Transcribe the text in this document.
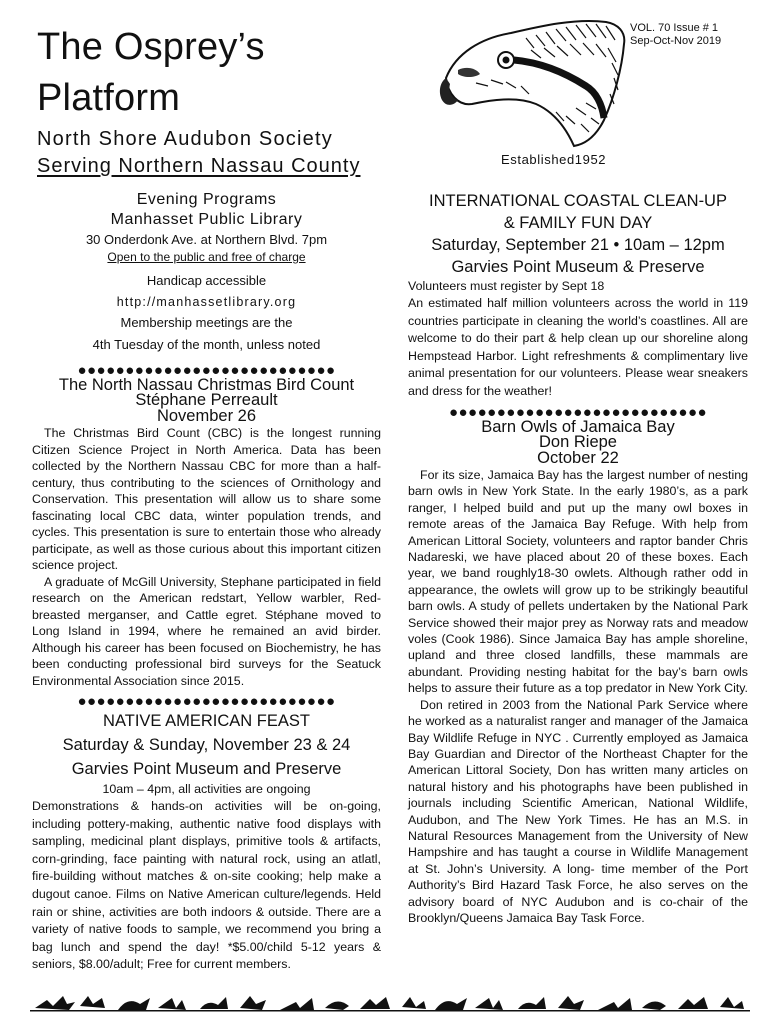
The Osprey’s
Platform
North Shore Audubon Society
Serving Northern Nassau County
VOL. 70 Issue # 1
Sep-Oct-Nov 2019
Established1952
Evening Programs
Manhasset Public Library
30 Onderdonk Ave. at Northern Blvd. 7pm
Open to the public and free of charge
Handicap accessible
http://manhassetlibrary.org
Membership meetings are the
4th Tuesday of the month, unless noted
●●●●●●●●●●●●●●●●●●●●●●●●●●●
The North Nassau Christmas Bird Count
Stéphane Perreault
November 26

The Christmas Bird Count (CBC) is the longest running Citizen Science Project in North America. Data has been collected by the Northern Nassau CBC for more than a half-century, thus contributing to the sciences of Ornithology and Conservation. This presentation will allow us to share some fascinating local CBC data, winter population trends, and cycles. This presentation is sure to entertain those who already participate, as well as those curious about this important citizen science project.

A graduate of McGill University, Stephane participated in field research on the American redstart, Yellow warbler, Red-breasted merganser, and Cattle egret. Stéphane moved to Long Island in 1994, where he remained an avid birder. Although his career has been focused on Biochemistry, he has been conducting professional bird surveys for the Seatuck Environmental Association since 2015.

●●●●●●●●●●●●●●●●●●●●●●●●●●●
NATIVE AMERICAN FEAST
Saturday & Sunday, November 23 & 24
Garvies Point Museum and Preserve
10am – 4pm, all activities are ongoing

Demonstrations & hands-on activities will be on-going, including pottery-making, authentic native food displays with sampling, medicinal plant displays, primitive tools & artifacts, corn-grinding, face painting with natural rock, using an atlatl, fire-building without matches & on-site cooking; help make a dugout canoe. Films on Native American culture/legends. Held rain or shine, activities are both indoors & outside. There are a variety of native foods to sample, we recommend you bring a bag lunch and spend the day! *$5.00/child 5-12 years & seniors, $8.00/adult; Free for current members.

INTERNATIONAL COASTAL CLEAN-UP
& FAMILY FUN DAY
Saturday, September 21 • 10am – 12pm
Garvies Point Museum & Preserve
Volunteers must register by Sept 18

An estimated half million volunteers across the world in 119 countries participate in cleaning the world’s coastlines. All are welcome to do their part & help clean up our shoreline along Hempstead Harbor. Light refreshments & complimentary live animal presentation for our volunteers. Please wear sneakers and dress for the weather!

●●●●●●●●●●●●●●●●●●●●●●●●●●●
Barn Owls of Jamaica Bay
Don Riepe
October 22

For its size, Jamaica Bay has the largest number of nesting barn owls in New York State. In the early 1980’s, as a park ranger, I helped build and put up the many owl boxes in remote areas of the Jamaica Bay Refuge. With help from American Littoral Society, volunteers and raptor bander Chris Nadareski, we have placed about 20 of these boxes. Each year, we band roughly18-30 owlets. Although rather odd in appearance, the owlets will grow up to be strikingly beautiful barn owls. A study of pellets undertaken by the National Park Service showed their major prey as Norway rats and meadow voles (Cook 1986). Since Jamaica Bay has ample shoreline, upland and three closed landfills, these mammals are abundant. Providing nesting habitat for the bay’s barn owls helps to assure their future as a top predator in New York City.

Don retired in 2003 from the National Park Service where he worked as a naturalist ranger and manager of the Jamaica Bay Wildlife Refuge in NYC . Currently employed as Jamaica Bay Guardian and Director of the Northeast Chapter for the American Littoral Society, Don has written many articles on natural history and his photographs have been published in journals including Scientific American, National Wildlife, Audubon, and The New York Times. He has an M.S. in Natural Resources Management from the University of New Hampshire and has taught a course in Wildlife Management at St. John’s University. A long- time member of the Port Authority’s Bird Hazard Task Force, he also serves on the advisory board of NYC Audubon and is co-chair of the Brooklyn/Queens Jamaica Bay Task Force.
